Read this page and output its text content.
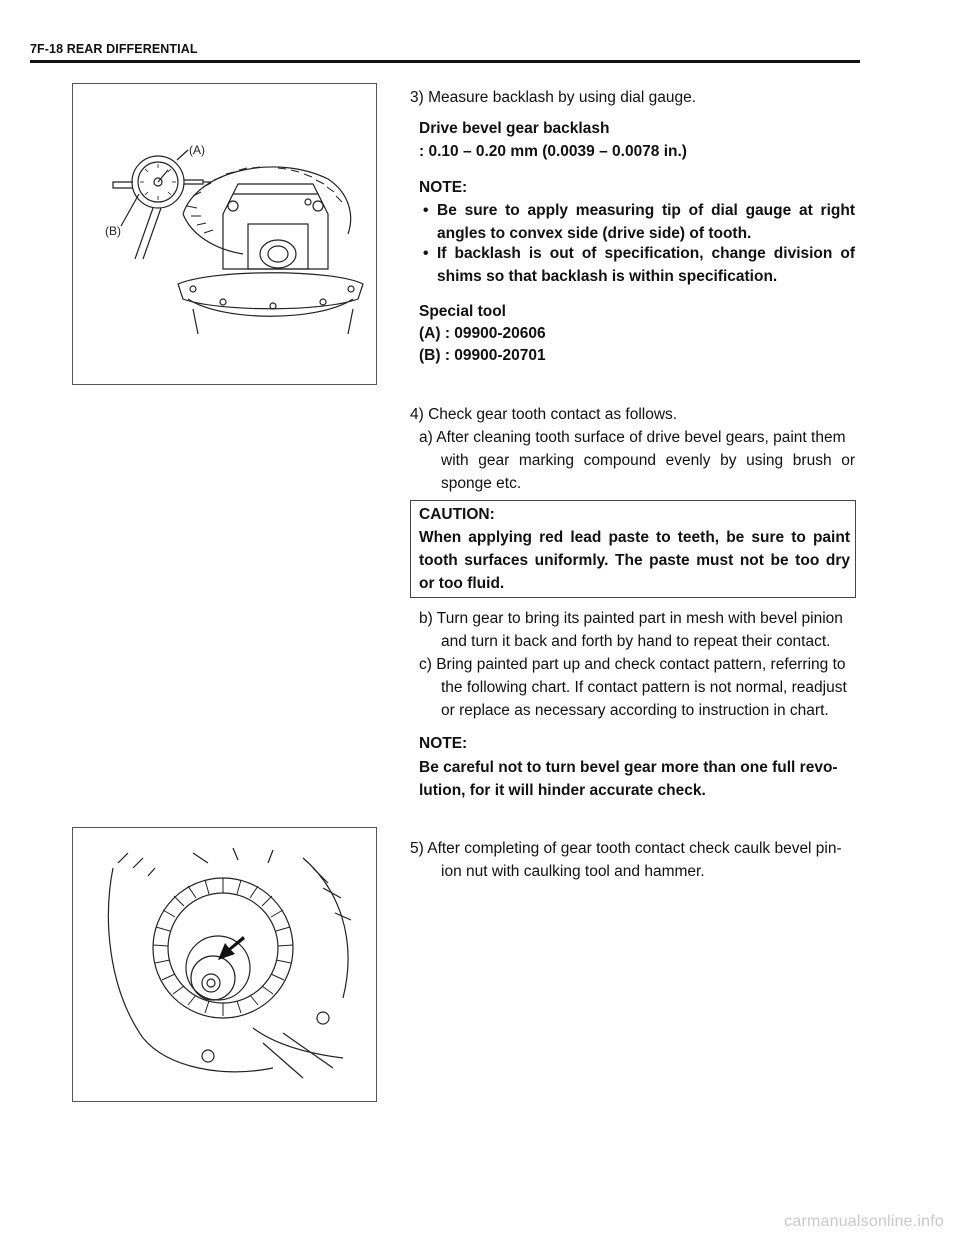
7F-18 REAR DIFFERENTIAL
(A)
(B)
3) Measure backlash by using dial gauge.
Drive bevel gear backlash
: 0.10 – 0.20 mm (0.0039 – 0.0078 in.)
NOTE:
• Be sure to apply measuring tip of dial gauge at right
angles to convex side (drive side) of tooth.
• If backlash is out of specification, change division of
shims so that backlash is within specification.
Special tool
(A) : 09900-20606
(B) : 09900-20701
4) Check gear tooth contact as follows.
a) After cleaning tooth surface of drive bevel gears, paint them
with gear marking compound evenly by using brush or
sponge etc.
CAUTION:
When applying red lead paste to teeth, be sure to paint
tooth surfaces uniformly. The paste must not be too dry
or too fluid.
b) Turn gear to bring its painted part in mesh with bevel pinion
and turn it back and forth by hand to repeat their contact.
c) Bring painted part up and check contact pattern, referring to
the following chart. If contact pattern is not normal, readjust
or replace as necessary according to instruction in chart.
NOTE:
Be careful not to turn bevel gear more than one full revo-
lution, for it will hinder accurate check.
5) After completing of gear tooth contact check caulk bevel pin-
ion nut with caulking tool and hammer.
carmanualsonline.info
